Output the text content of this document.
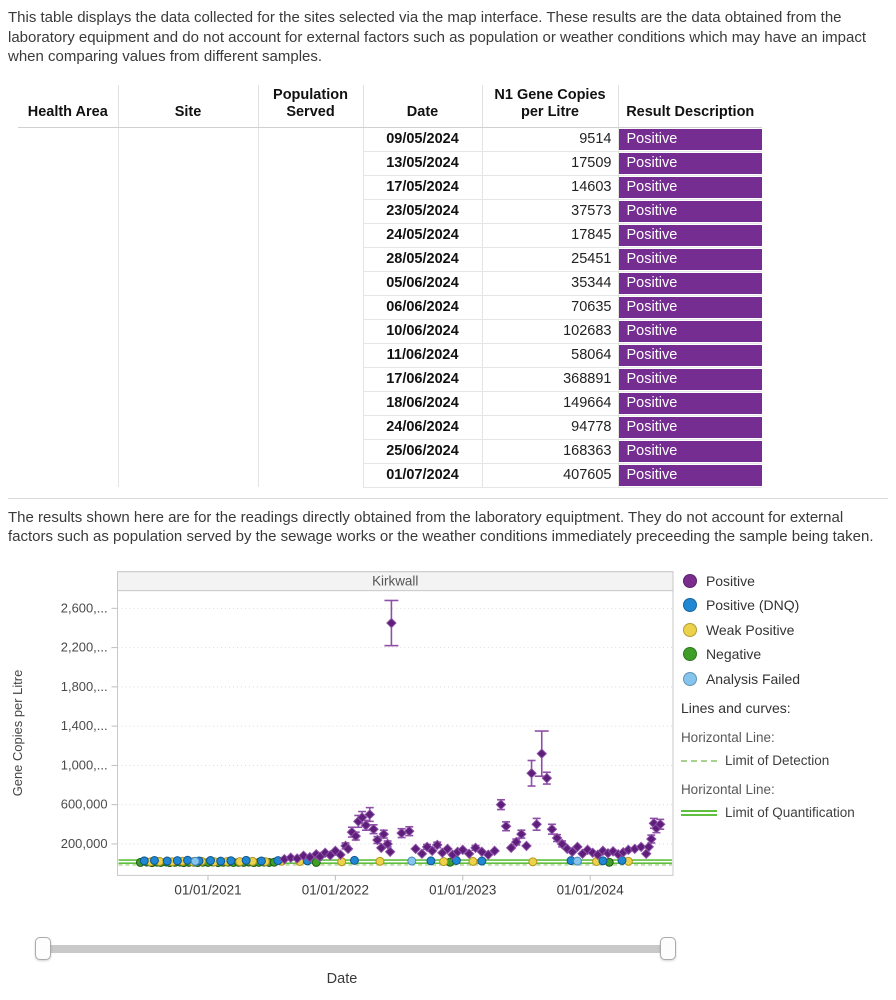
This table displays the data collected for the sites selected via the map interface. These results are the data obtained from the laboratory equipment and do not account for external factors such as population or weather conditions which may have an impact when comparing values from different samples.

Health Area	Site	Population Served	Date	N1 Gene Copies per Litre	Result Description
			09/05/2024	9514	Positive

			13/05/2024	17509	Positive

			17/05/2024	14603	Positive

			23/05/2024	37573	Positive

			24/05/2024	17845	Positive

			28/05/2024	25451	Positive

			05/06/2024	35344	Positive

			06/06/2024	70635	Positive

			10/06/2024	102683	Positive

			11/06/2024	58064	Positive

			17/06/2024	368891	Positive

			18/06/2024	149664	Positive

			24/06/2024	94778	Positive

			25/06/2024	168363	Positive

			01/07/2024	407605	Positive

The results shown here are for the readings directly obtained from the laboratory equiptment. They do not account for external factors such as population served by the sewage works or the weather conditions immediately preceeding the sample being taken.

Kirkwall
200,000
600,000
1,000,...
1,400,...
1,800,...
2,200,...
2,600,...
01/01/2021	01/01/2022	01/01/2023	01/01/2024
Gene Copies per Litre
Positive
Positive (DNQ)
Weak Positive
Negative
Analysis Failed
Lines and curves:
Horizontal Line:
Limit of Detection
Horizontal Line:
Limit of Quantification
Date
